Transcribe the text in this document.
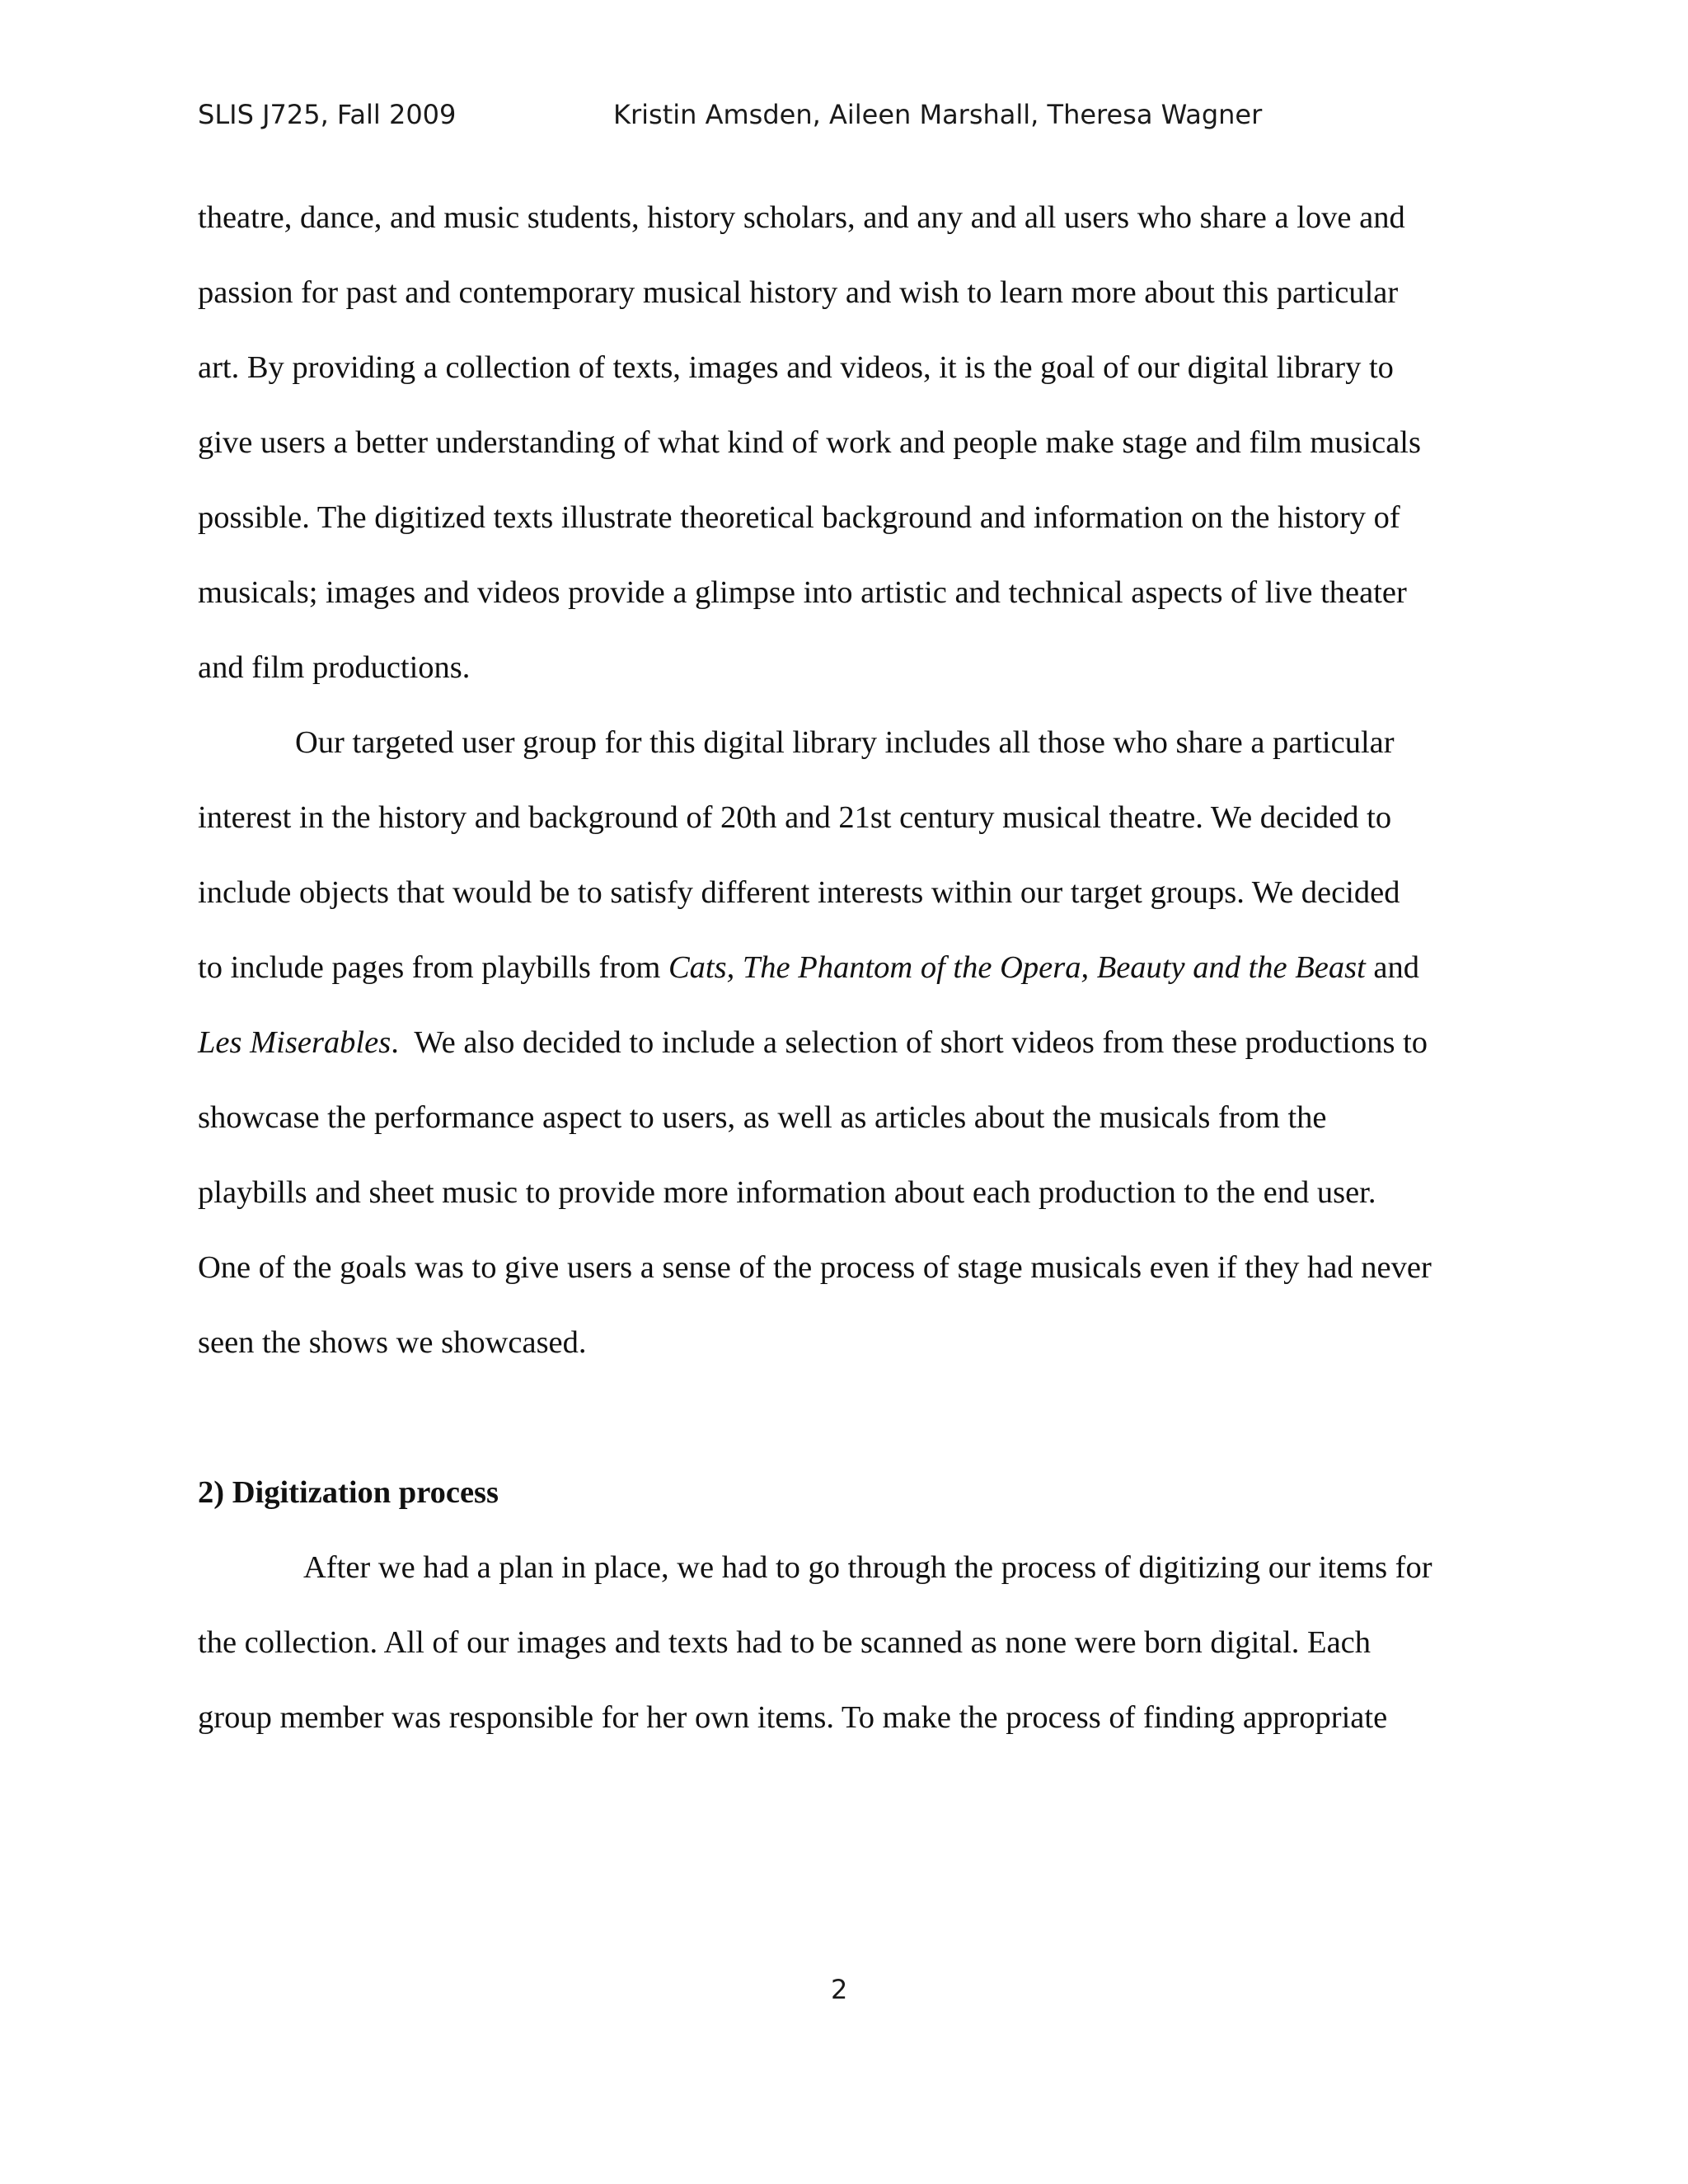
SLIS J725, Fall 2009	Kristin Amsden, Aileen Marshall, Theresa Wagner
theatre, dance, and music students, history scholars, and any and all users who share a love and
passion for past and contemporary musical history and wish to learn more about this particular
art. By providing a collection of texts, images and videos, it is the goal of our digital library to
give users a better understanding of what kind of work and people make stage and film musicals
possible. The digitized texts illustrate theoretical background and information on the history of
musicals; images and videos provide a glimpse into artistic and technical aspects of live theater
and film productions.
Our targeted user group for this digital library includes all those who share a particular
interest in the history and background of 20th and 21st century musical theatre. We decided to
include objects that would be to satisfy different interests within our target groups. We decided
to include pages from playbills from Cats, The Phantom of the Opera, Beauty and the Beast and
Les Miserables.  We also decided to include a selection of short videos from these productions to
showcase the performance aspect to users, as well as articles about the musicals from the
playbills and sheet music to provide more information about each production to the end user.
One of the goals was to give users a sense of the process of stage musicals even if they had never
seen the shows we showcased.
2) Digitization process
After we had a plan in place, we had to go through the process of digitizing our items for
the collection. All of our images and texts had to be scanned as none were born digital. Each
group member was responsible for her own items. To make the process of finding appropriate
2
